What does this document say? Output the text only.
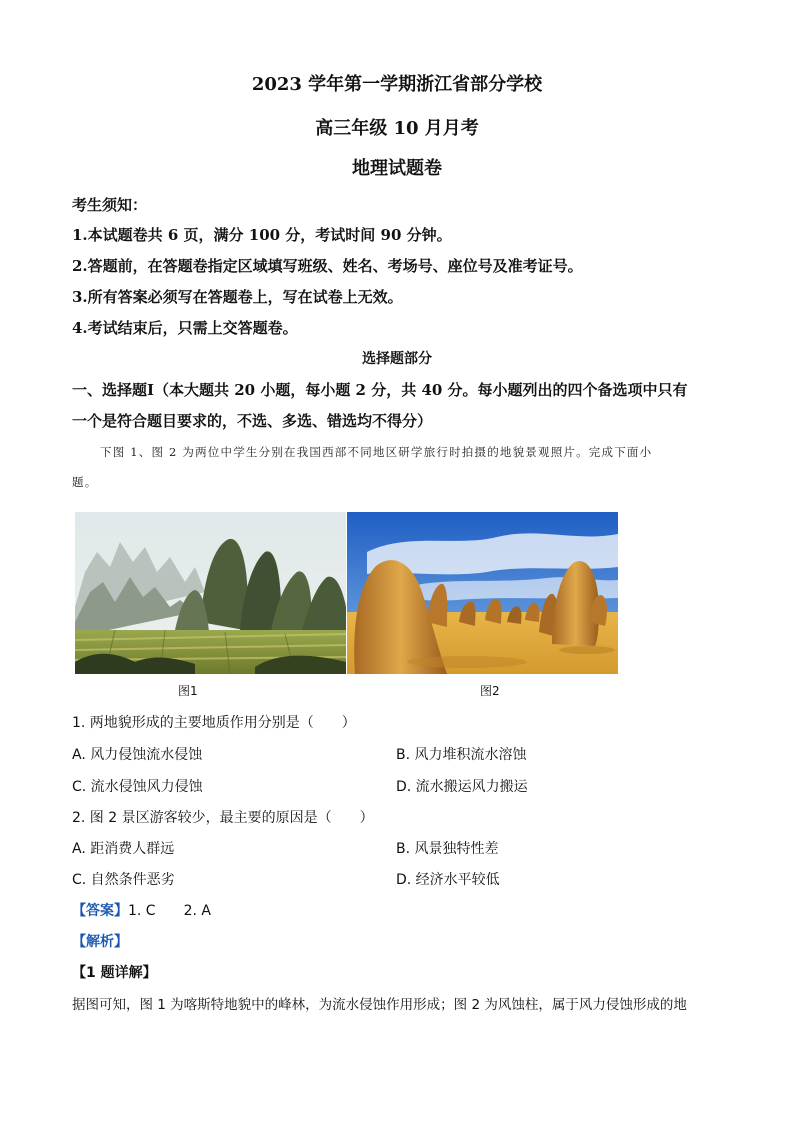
2023 学年第一学期浙江省部分学校
高三年级 10 月月考
地理试题卷
考生须知：
1.本试题卷共 6 页，满分 100 分，考试时间 90 分钟。
2.答题前，在答题卷指定区域填写班级、姓名、考场号、座位号及准考证号。
3.所有答案必须写在答题卷上，写在试卷上无效。
4.考试结束后，只需上交答题卷。
选择题部分
一、选择题Ⅰ（本大题共 20 小题，每小题 2 分，共 40 分。每小题列出的四个备选项中只有
一个是符合题目要求的，不选、多选、错选均不得分）
下图 1、图 2 为两位中学生分别在我国西部不同地区研学旅行时拍摄的地貌景观照片。完成下面小
题。
图1	图2
1. 两地貌形成的主要地质作用分别是（　　）
A. 风力侵蚀流水侵蚀	B. 风力堆积流水溶蚀
C. 流水侵蚀风力侵蚀	D. 流水搬运风力搬运
2. 图 2 景区游客较少，最主要的原因是（　　）
A. 距消费人群远	B. 风景独特性差
C. 自然条件恶劣	D. 经济水平较低
【答案】1. C　　2. A
【解析】
【1 题详解】
据图可知，图 1 为喀斯特地貌中的峰林，为流水侵蚀作用形成；图 2 为风蚀柱，属于风力侵蚀形成的地
